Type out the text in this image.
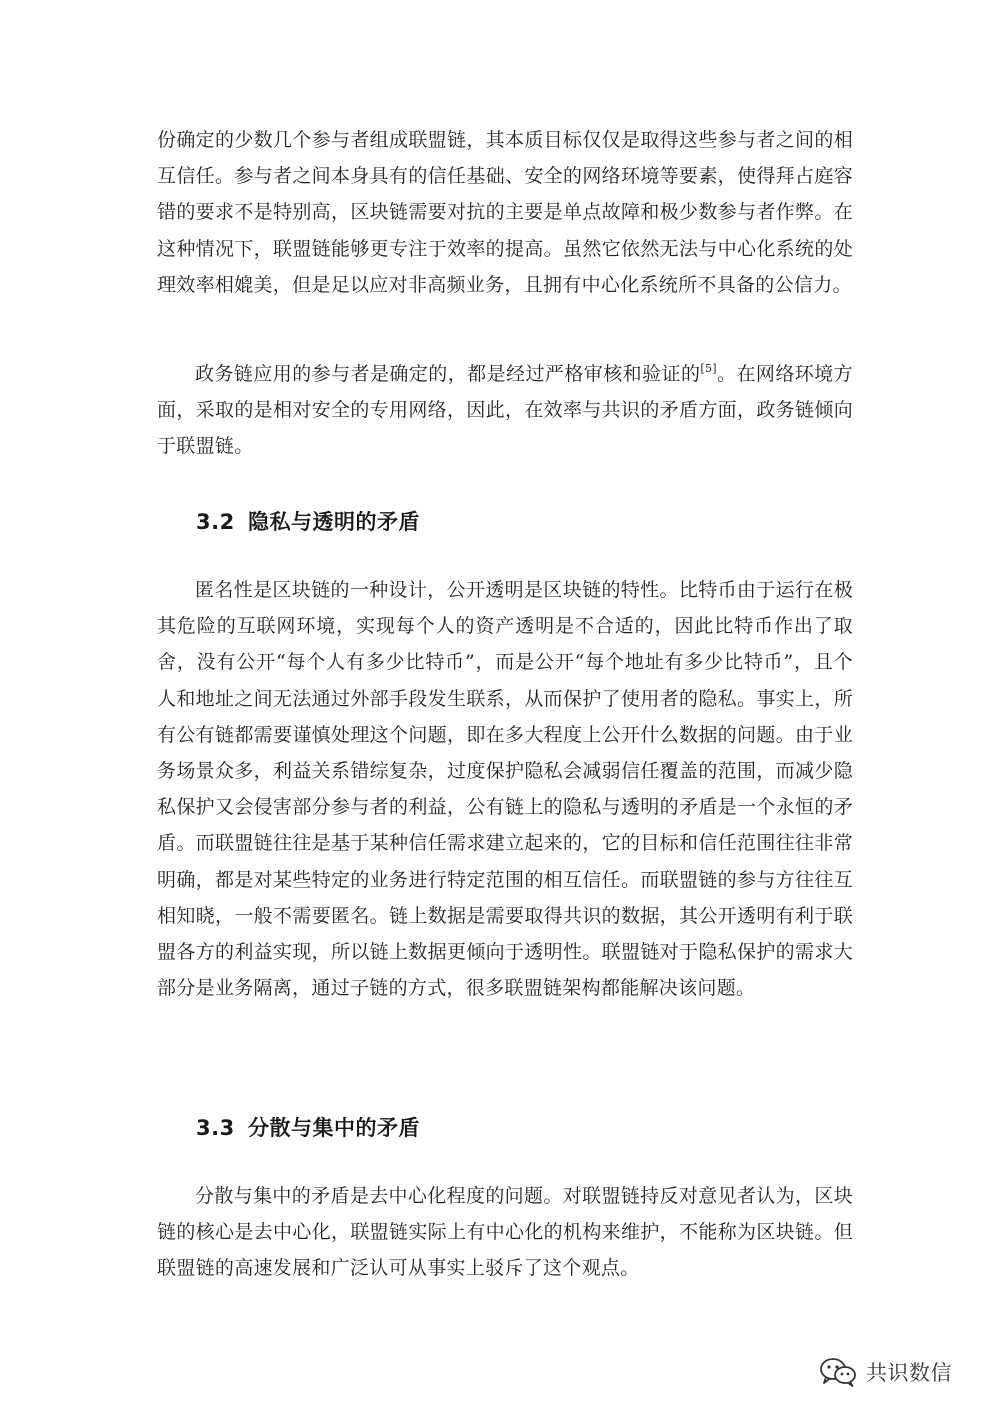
份确定的少数几个参与者组成联盟链，其本质目标仅仅是取得这些参与者之间的相互信任。参与者之间本身具有的信任基础、安全的网络环境等要素，使得拜占庭容错的要求不是特别高，区块链需要对抗的主要是单点故障和极少数参与者作弊。在这种情况下，联盟链能够更专注于效率的提高。虽然它依然无法与中心化系统的处理效率相媲美，但是足以应对非高频业务，且拥有中心化系统所不具备的公信力。

政务链应用的参与者是确定的，都是经过严格审核和验证的[5]。在网络环境方面，采取的是相对安全的专用网络，因此，在效率与共识的矛盾方面，政务链倾向于联盟链。

3.2 隐私与透明的矛盾

匿名性是区块链的一种设计，公开透明是区块链的特性。比特币由于运行在极其危险的互联网环境，实现每个人的资产透明是不合适的，因此比特币作出了取舍，没有公开“每个人有多少比特币”，而是公开“每个地址有多少比特币”，且个人和地址之间无法通过外部手段发生联系，从而保护了使用者的隐私。事实上，所有公有链都需要谨慎处理这个问题，即在多大程度上公开什么数据的问题。由于业务场景众多，利益关系错综复杂，过度保护隐私会减弱信任覆盖的范围，而减少隐私保护又会侵害部分参与者的利益，公有链上的隐私与透明的矛盾是一个永恒的矛盾。而联盟链往往是基于某种信任需求建立起来的，它的目标和信任范围往往非常明确，都是对某些特定的业务进行特定范围的相互信任。而联盟链的参与方往往互相知晓，一般不需要匿名。链上数据是需要取得共识的数据，其公开透明有利于联盟各方的利益实现，所以链上数据更倾向于透明性。联盟链对于隐私保护的需求大部分是业务隔离，通过子链的方式，很多联盟链架构都能解决该问题。

3.3 分散与集中的矛盾

分散与集中的矛盾是去中心化程度的问题。对联盟链持反对意见者认为，区块链的核心是去中心化，联盟链实际上有中心化的机构来维护，不能称为区块链。但联盟链的高速发展和广泛认可从事实上驳斥了这个观点。

共识数信
